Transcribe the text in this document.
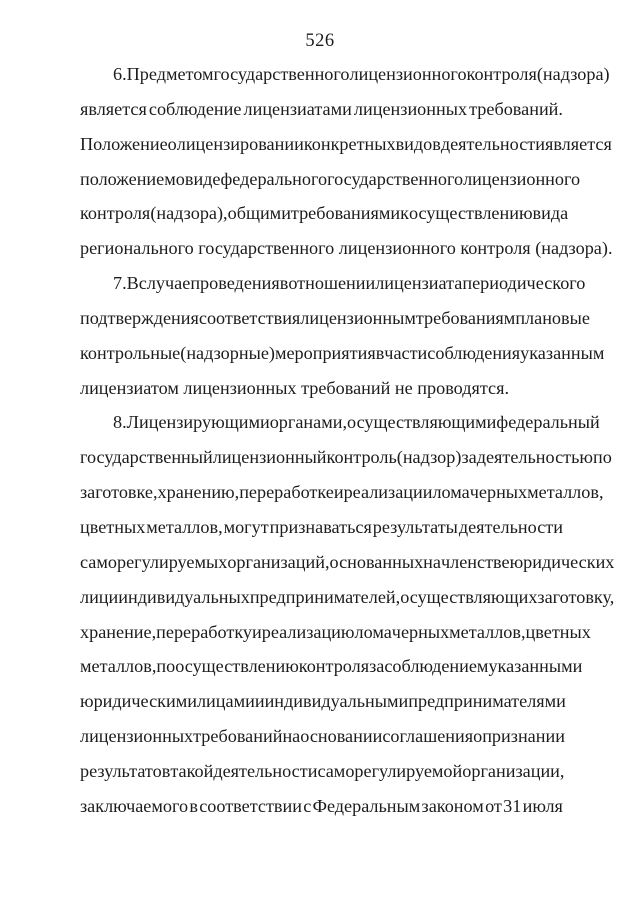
526
6. Предметом государственного лицензионного контроля (надзора)
является соблюдение лицензиатами лицензионных требований.
Положение о лицензировании конкретных видов деятельности является
положением о виде федерального государственного лицензионного
контроля (надзора), общими требованиями к осуществлению вида
регионального государственного лицензионного контроля (надзора).
7. В случае проведения в отношении лицензиата периодического
подтверждения соответствия лицензионным требованиям плановые
контрольные (надзорные) мероприятия в части соблюдения указанным
лицензиатом лицензионных требований не проводятся.
8. Лицензирующими органами, осуществляющими федеральный
государственный лицензионный контроль (надзор) за деятельностью по
заготовке, хранению, переработке и реализации лома черных металлов,
цветных металлов, могут признаваться результаты деятельности
саморегулируемых организаций, основанных на членстве юридических
лиц и индивидуальных предпринимателей, осуществляющих заготовку,
хранение, переработку и реализацию лома черных металлов, цветных
металлов, по осуществлению контроля за соблюдением указанными
юридическими лицами и индивидуальными предпринимателями
лицензионных требований на основании соглашения о признании
результатов такой деятельности саморегулируемой организации,
заключаемого в соответствии с Федеральным законом от 31 июля
